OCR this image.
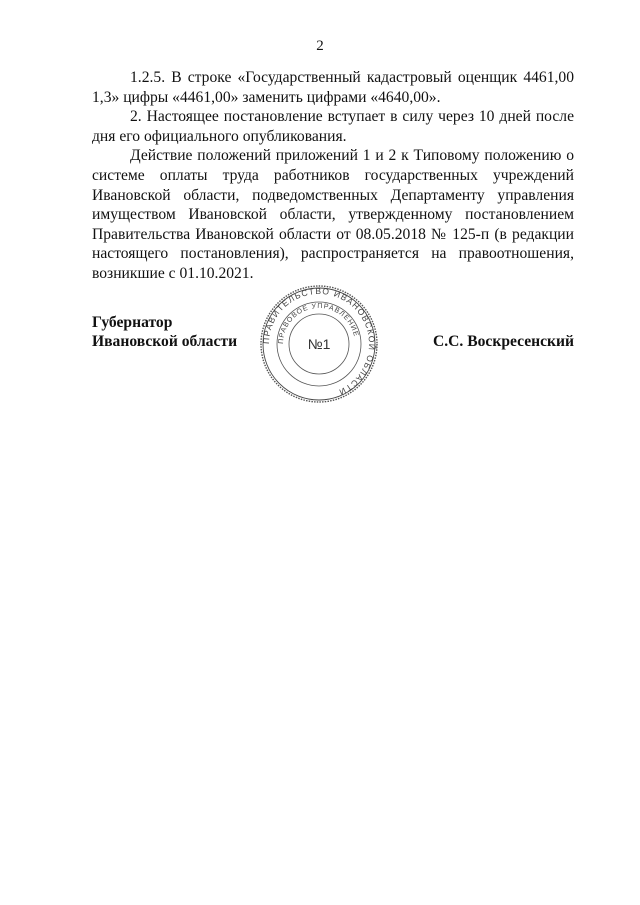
2

1.2.5. В строке «Государственный кадастровый оценщик 4461,00 1,3» цифры «4461,00» заменить цифрами «4640,00».

2. Настоящее постановление вступает в силу через 10 дней после дня его официального опубликования.

Действие положений приложений 1 и 2 к Типовому положению о системе оплаты труда работников государственных учреждений Ивановской области, подведомственных Департаменту управления имуществом Ивановской области, утвержденному постановлением Правительства Ивановской области от 08.05.2018 № 125-п (в редакции настоящего постановления), распространяется на правоотношения, возникшие с 01.10.2021.

Губернатор
Ивановской области	С.С. Воскресенский
ПРАВИТЕЛЬСТВО ИВАНОВСКОЙ ОБЛАСТИ
ПРАВОВОЕ УПРАВЛЕНИЕ
№1
